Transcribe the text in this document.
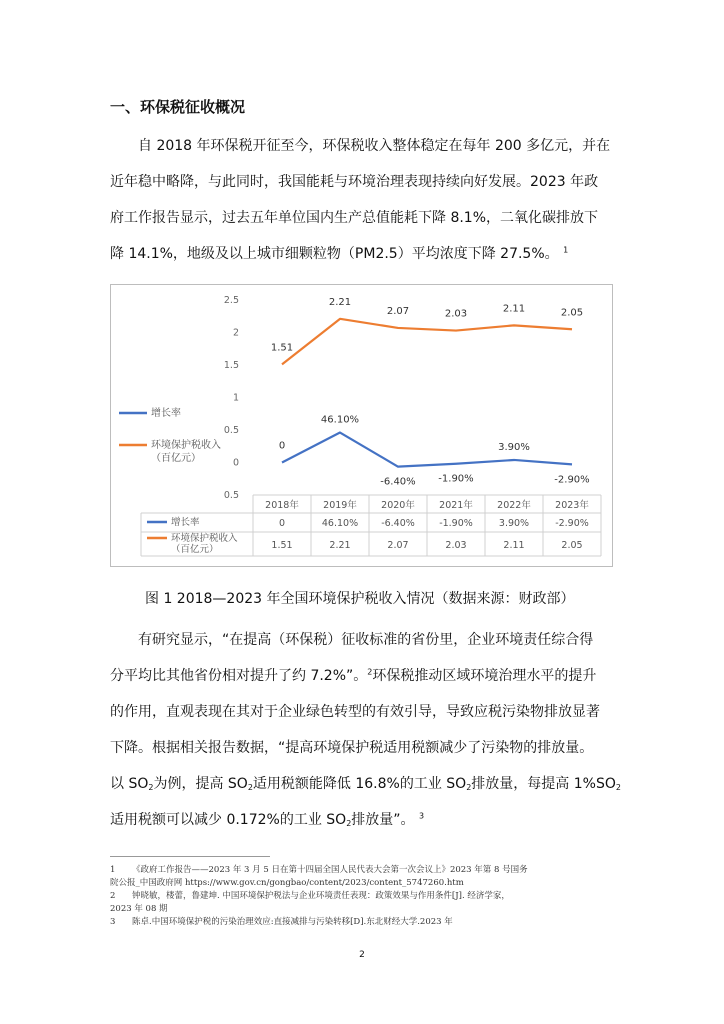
一、环保税征收概况
自 2018 年环保税开征至今，环保税收入整体稳定在每年 200 多亿元，并在
近年稳中略降，与此同时，我国能耗与环境治理表现持续向好发展。2023 年政
府工作报告显示，过去五年单位国内生产总值能耗下降 8.1%，二氧化碳排放下
降 14.1%，地级及以上城市细颗粒物（PM2.5）平均浓度下降 27.5%。 $^1$
2.5
2
1.5
1
0.5
0
0.5
2018年	2019年	2020年	2021年	2022年	2023年
增长率
环境保护税收入
（百亿元）
0	46.10% -6.40%	-1.90%	3.90%	-2.90%
1.51	2.21	2.07	2.03	2.11	2.05
0
46.10%
-6.40% -1.90%
3.90%
-2.90%
1.51
2.21
2.07	2.03	2.11	2.05
增长率
环境保护税收入
（百亿元）
图 1 2018—2023 年全国环境保护税收入情况（数据来源：财政部）
有研究显示，“在提高（环保税）征收标准的省份里，企业环境责任综合得
分平均比其他省份相对提升了约 7.2%”。$^2$环保税推动区域环境治理水平的提升
的作用，直观表现在其对于企业绿色转型的有效引导，导致应税污染物排放显著
下降。根据相关报告数据，“提高环境保护税适用税额减少了污染物的排放量。
以 $SO_2$为例，提高 $SO_2$适用税额能降低 16.8%的工业 $SO_2$排放量，每提高 $1\%SO_2$
适用税额可以减少 0.172%的工业 $SO_2$排放量”。 $^3$
1 《政府工作报告——2023 年 3 月 5 日在第十四届全国人民代表大会第一次会议上》2023 年第 8 号国务
院公报_中国政府网 https://www.gov.cn/gongbao/content/2023/content_5747260.htm
2 钟晓敏，楼蕾，鲁建坤. 中国环境保护税法与企业环境责任表现：政策效果与作用条件[J]. 经济学家，
2023 年 08 期
3 陈卓.中国环境保护税的污染治理效应:直接减排与污染转移[D].东北财经大学.2023 年
2
